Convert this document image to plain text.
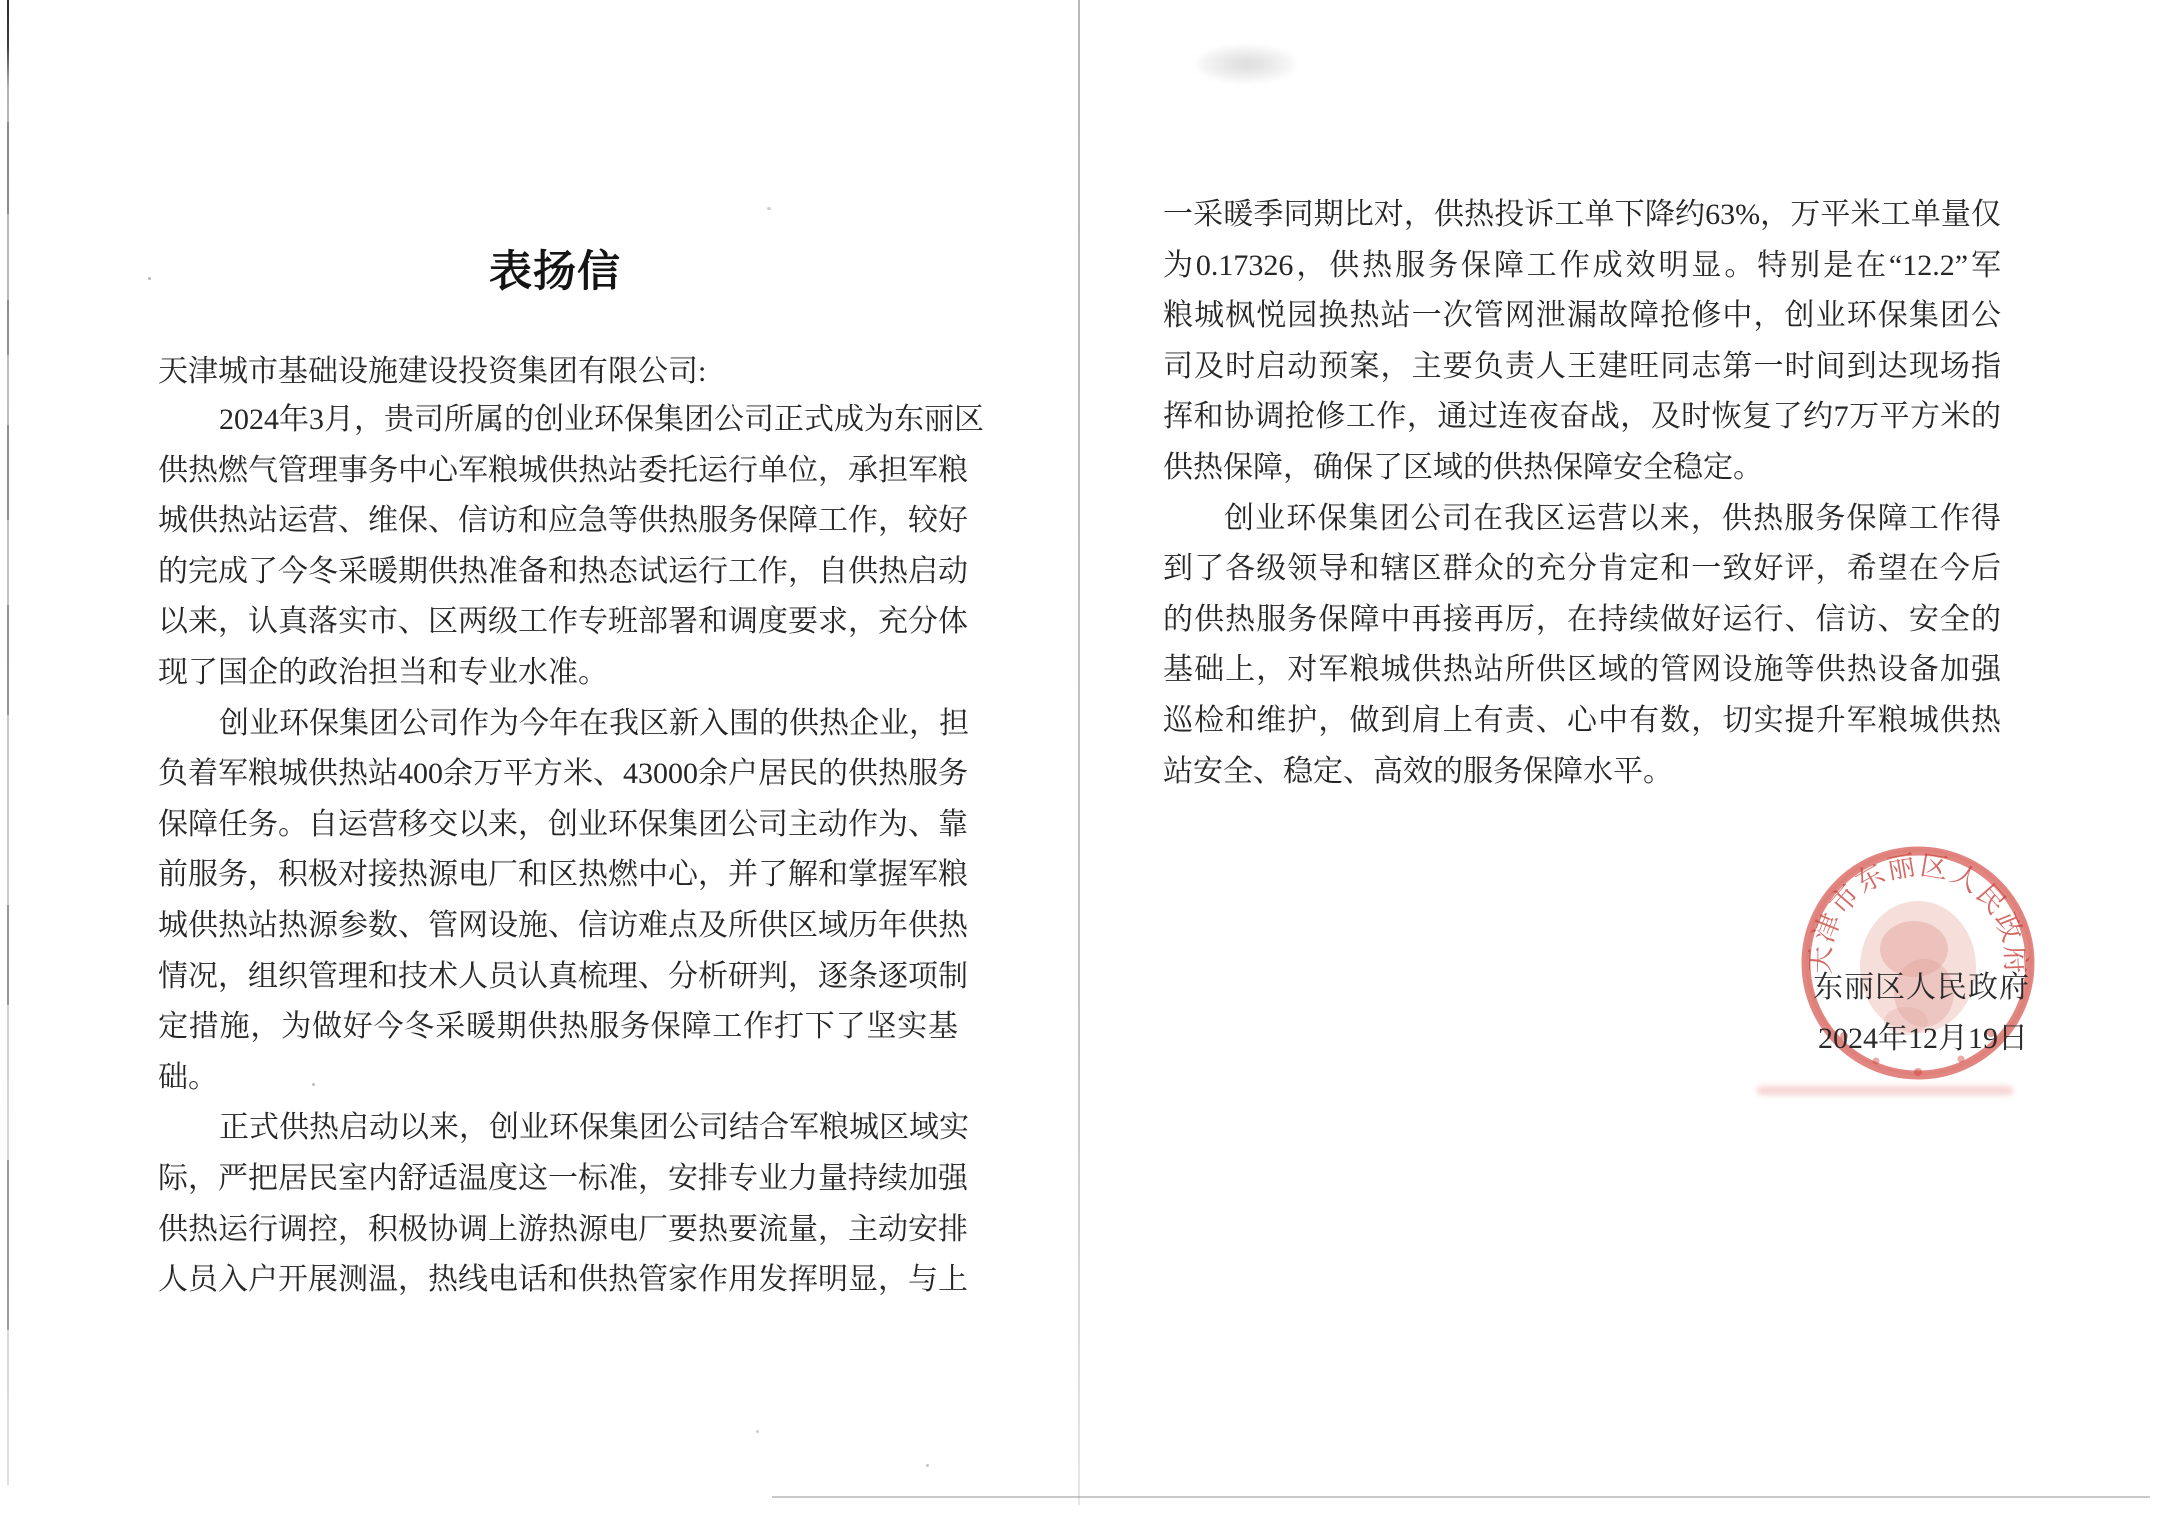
表扬信
天津城市基础设施建设投资集团有限公司:
2024年3月，贵司所属的创业环保集团公司正式成为东丽区
供热燃气管理事务中心军粮城供热站委托运行单位，承担军粮
城供热站运营、维保、信访和应急等供热服务保障工作，较好
的完成了今冬采暖期供热准备和热态试运行工作，自供热启动
以来，认真落实市、区两级工作专班部署和调度要求，充分体
现了国企的政治担当和专业水准。
创业环保集团公司作为今年在我区新入围的供热企业，担
负着军粮城供热站400余万平方米、43000余户居民的供热服务
保障任务。自运营移交以来，创业环保集团公司主动作为、靠
前服务，积极对接热源电厂和区热燃中心，并了解和掌握军粮
城供热站热源参数、管网设施、信访难点及所供区域历年供热
情况，组织管理和技术人员认真梳理、分析研判，逐条逐项制
定措施，为做好今冬采暖期供热服务保障工作打下了坚实基
础。
正式供热启动以来，创业环保集团公司结合军粮城区域实
际，严把居民室内舒适温度这一标准，安排专业力量持续加强
供热运行调控，积极协调上游热源电厂要热要流量，主动安排
人员入户开展测温，热线电话和供热管家作用发挥明显，与上
一采暖季同期比对，供热投诉工单下降约63%，万平米工单量仅
为0.17326，供热服务保障工作成效明显。特别是在“12.2”军
粮城枫悦园换热站一次管网泄漏故障抢修中，创业环保集团公
司及时启动预案，主要负责人王建旺同志第一时间到达现场指
挥和协调抢修工作，通过连夜奋战，及时恢复了约7万平方米的
供热保障，确保了区域的供热保障安全稳定。
创业环保集团公司在我区运营以来，供热服务保障工作得
到了各级领导和辖区群众的充分肯定和一致好评，希望在今后
的供热服务保障中再接再厉，在持续做好运行、信访、安全的
基础上，对军粮城供热站所供区域的管网设施等供热设备加强
巡检和维护，做到肩上有责、心中有数，切实提升军粮城供热
站安全、稳定、高效的服务保障水平。
天津市东丽区人民政府
东丽区人民政府
2024年12月19日
